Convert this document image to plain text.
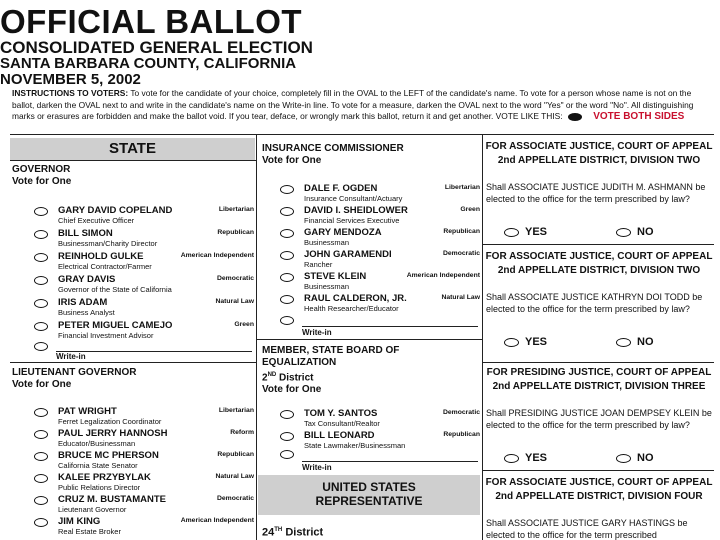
OFFICIAL BALLOT
CONSOLIDATED GENERAL ELECTION
SANTA BARBARA COUNTY, CALIFORNIA
NOVEMBER 5, 2002
INSTRUCTIONS TO VOTERS: To vote for the candidate of your choice, completely fill in the OVAL to the LEFT of the candidate's name. To vote for a person whose name is not on the ballot, darken the OVAL next to and write in the candidate's name on the Write-in line. To vote for a measure, darken the OVAL next to the word "Yes" or the word "No". All distinguishing marks or erasures are forbidden and make the ballot void. If you tear, deface, or wrongly mark this ballot, return it and get another. VOTE LIKE THIS:	VOTE BOTH SIDES
STATE
GOVERNOR
Vote for One
GARY DAVID COPELAND
Chief Executive Officer
Libertarian
BILL SIMON
Businessman/Charity Director
Republican
REINHOLD GULKE
Electrical Contractor/Farmer
American Independent
GRAY DAVIS
Governor of the State of California
Democratic
IRIS ADAM
Business Analyst
Natural Law
PETER MIGUEL CAMEJO
Financial Investment Advisor
Green
Write-in
LIEUTENANT GOVERNOR
Vote for One
PAT WRIGHT
Ferret Legalization Coordinator
Libertarian
PAUL JERRY HANNOSH
Educator/Businessman
Reform
BRUCE MC PHERSON
California State Senator
Republican
KALEE PRZYBYLAK
Public Relations Director
Natural Law
CRUZ M. BUSTAMANTE
Lieutenant Governor
Democratic
JIM KING
Real Estate Broker
American Independent
INSURANCE COMMISSIONER
Vote for One
DALE F. OGDEN
Insurance Consultant/Actuary
Libertarian
DAVID I. SHEIDLOWER
Financial Services Executive
Green
GARY MENDOZA
Businessman
Republican
JOHN GARAMENDI
Rancher
Democratic
STEVE KLEIN
Businessman
American Independent
RAUL CALDERON, JR.
Health Researcher/Educator
Natural Law
Write-in
MEMBER, STATE BOARD OF
EQUALIZATION
2ND District
Vote for One
TOM Y. SANTOS
Tax Consultant/Realtor
Democratic
BILL LEONARD
State Lawmaker/Businessman
Republican
Write-in
UNITED STATES
REPRESENTATIVE
24TH District
FOR ASSOCIATE JUSTICE, COURT OF APPEAL
2nd APPELLATE DISTRICT, DIVISION TWO
Shall ASSOCIATE JUSTICE JUDITH M. ASHMANN be elected to the office for the term prescribed by law?
YES	NO
FOR ASSOCIATE JUSTICE, COURT OF APPEAL
2nd APPELLATE DISTRICT, DIVISION TWO
Shall ASSOCIATE JUSTICE KATHRYN DOI TODD be elected to the office for the term prescribed by law?
YES	NO
FOR PRESIDING JUSTICE, COURT OF APPEAL
2nd APPELLATE DISTRICT, DIVISION THREE
Shall PRESIDING JUSTICE JOAN DEMPSEY KLEIN be elected to the office for the term prescribed by law?
YES	NO
FOR ASSOCIATE JUSTICE, COURT OF APPEAL
2nd APPELLATE DISTRICT, DIVISION FOUR
Shall ASSOCIATE JUSTICE GARY HASTINGS be elected to the office for the term prescribed
